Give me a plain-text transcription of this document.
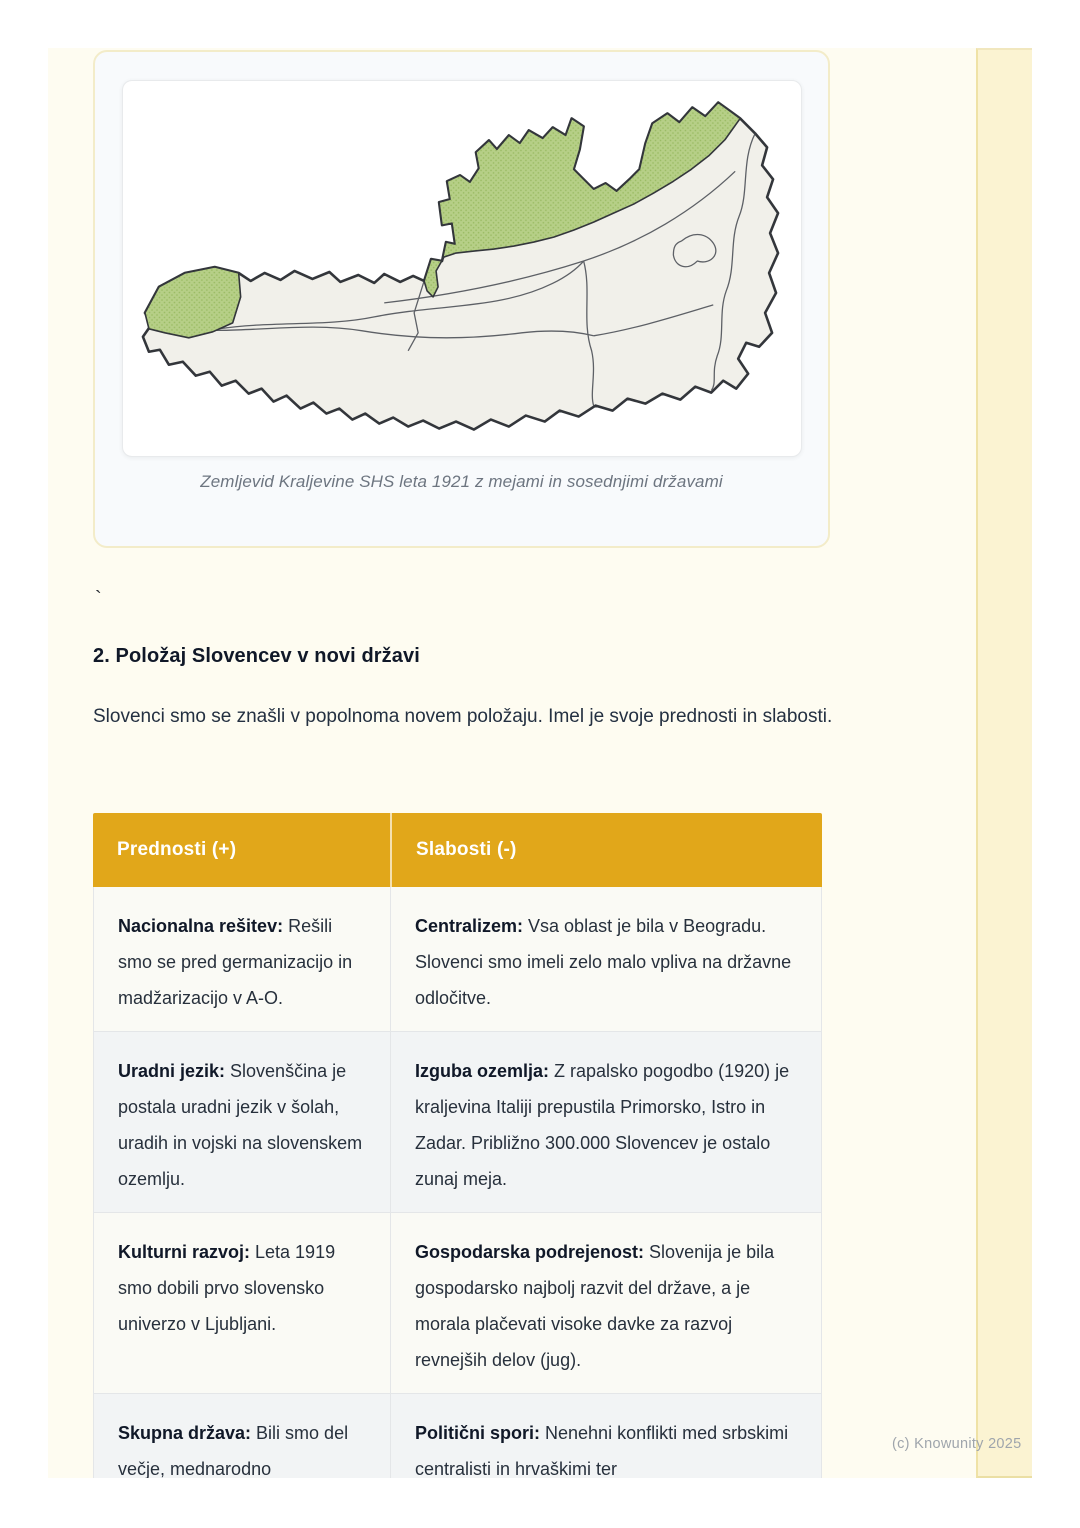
Zemljevid Kraljevine SHS leta 1921 z mejami in sosednjimi državami
`
2. Položaj Slovencev v novi državi

Slovenci smo se znašli v popolnoma novem položaju. Imel je svoje prednosti in slabosti.

Prednosti (+)	Slabosti (-)
Nacionalna rešitev: Rešili smo se pred germanizacijo in madžarizacijo v A-O.
Centralizem: Vsa oblast je bila v Beogradu. Slovenci smo imeli zelo malo vpliva na državne odločitve.
Uradni jezik: Slovenščina je postala uradni jezik v šolah, uradih in vojski na slovenskem ozemlju.
Izguba ozemlja: Z rapalsko pogodbo (1920) je kraljevina Italiji prepustila Primorsko, Istro in Zadar. Približno 300.000 Slovencev je ostalo zunaj meja.
Kulturni razvoj: Leta 1919 smo dobili prvo slovensko univerzo v Ljubljani.
Gospodarska podrejenost: Slovenija je bila gospodarsko najbolj razvit del države, a je morala plačevati visoke davke za razvoj revnejših delov (jug).
Skupna država: Bili smo del večje, mednarodno
Politični spori: Nenehni konflikti med srbskimi centralisti in hrvaškimi ter
(c) Knowunity 2025
